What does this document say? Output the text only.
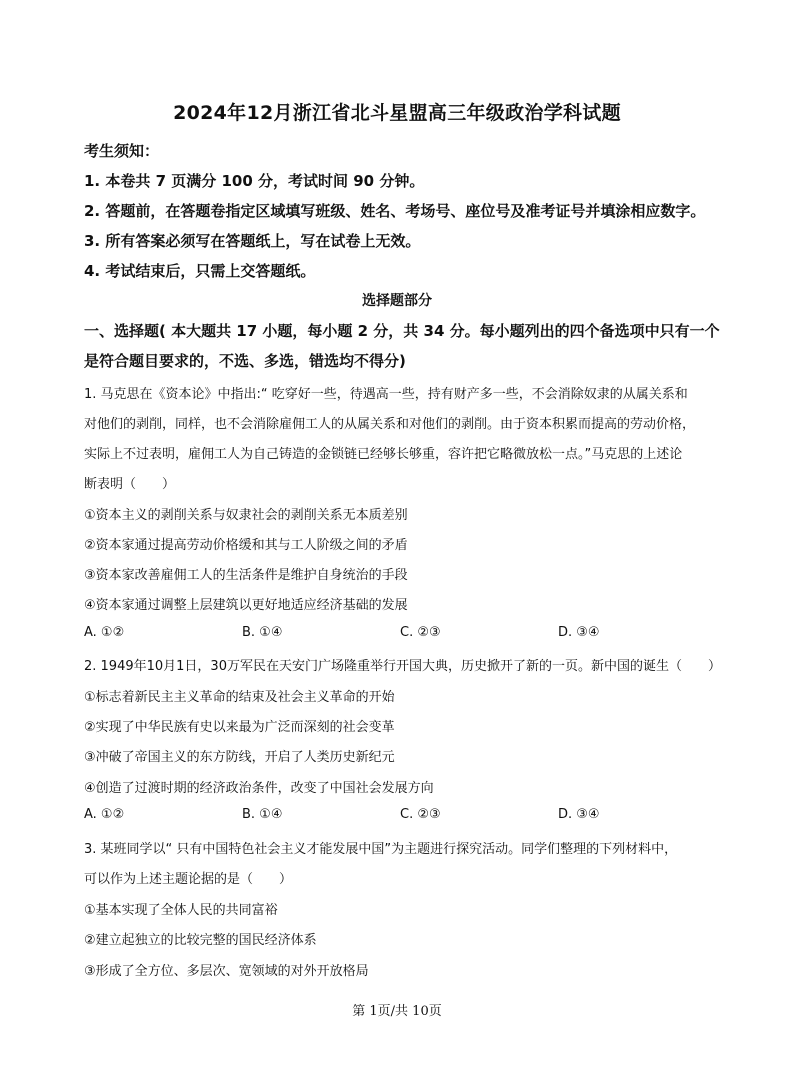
2024年12月浙江省北斗星盟高三年级政治学科试题
考生须知：
1. 本卷共 7 页满分 100 分，考试时间 90 分钟。
2. 答题前，在答题卷指定区域填写班级、姓名、考场号、座位号及准考证号并填涂相应数字。
3. 所有答案必须写在答题纸上，写在试卷上无效。
4. 考试结束后，只需上交答题纸。
选择题部分
一、选择题( 本大题共 17 小题，每小题 2 分，共 34 分。每小题列出的四个备选项中只有一个
是符合题目要求的，不选、多选，错选均不得分)
1. 马克思在《资本论》中指出:“ 吃穿好一些，待遇高一些，持有财产多一些，不会消除奴隶的从属关系和
对他们的剥削，同样，也不会消除雇佣工人的从属关系和对他们的剥削。由于资本积累而提高的劳动价格，
实际上不过表明，雇佣工人为自己铸造的金锁链已经够长够重，容许把它略微放松一点。”马克思的上述论
断表明（　　）
①资本主义的剥削关系与奴隶社会的剥削关系无本质差别
②资本家通过提高劳动价格缓和其与工人阶级之间的矛盾
③资本家改善雇佣工人的生活条件是维护自身统治的手段
④资本家通过调整上层建筑以更好地适应经济基础的发展
A. ①②	B. ①④	C. ②③	D. ③④
2. 1949年10月1日，30万军民在天安门广场隆重举行开国大典，历史掀开了新的一页。新中国的诞生（　　）
①标志着新民主主义革命的结束及社会主义革命的开始
②实现了中华民族有史以来最为广泛而深刻的社会变革
③冲破了帝国主义的东方防线，开启了人类历史新纪元
④创造了过渡时期的经济政治条件，改变了中国社会发展方向
A. ①②	B. ①④	C. ②③	D. ③④
3. 某班同学以“ 只有中国特色社会主义才能发展中国”为主题进行探究活动。同学们整理的下列材料中，
可以作为上述主题论据的是（　　）
①基本实现了全体人民的共同富裕
②建立起独立的比较完整的国民经济体系
③形成了全方位、多层次、宽领域的对外开放格局
第 1页/共 10页
